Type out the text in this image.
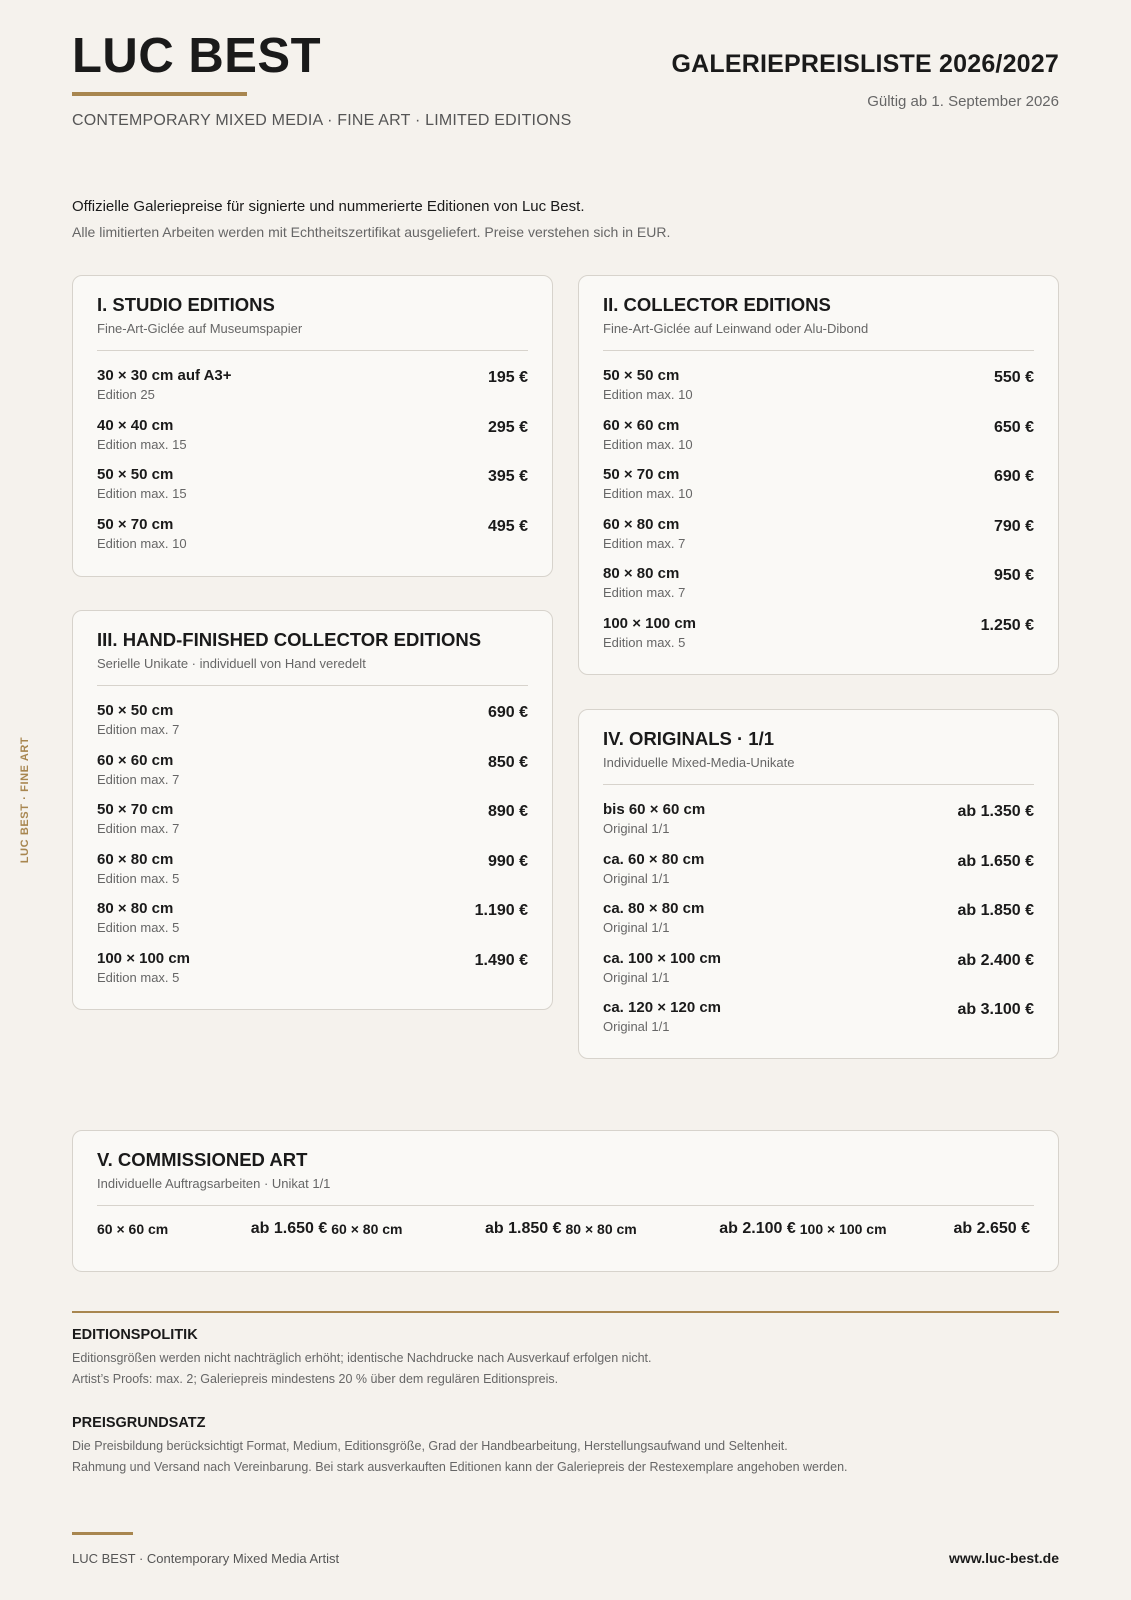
LUC BEST
CONTEMPORARY MIXED MEDIA · FINE ART · LIMITED EDITIONS
GALERIEPREISLISTE 2026/2027
Gültig ab 1. September 2026
LUC BEST · FINE ART
Offizielle Galeriepreise für signierte und nummerierte Editionen von Luc Best.
Alle limitierten Arbeiten werden mit Echtheitszertifikat ausgeliefert. Preise verstehen sich in EUR.
I. STUDIO EDITIONS
Fine-Art-Giclée auf Museumspapier
30 × 30 cm auf A3+
Edition 25
195 €
40 × 40 cm
Edition max. 15
295 €
50 × 50 cm
Edition max. 15
395 €
50 × 70 cm
Edition max. 10
495 €
II. COLLECTOR EDITIONS
Fine-Art-Giclée auf Leinwand oder Alu-Dibond
50 × 50 cm
Edition max. 10
550 €
60 × 60 cm
Edition max. 10
650 €
50 × 70 cm
Edition max. 10
690 €
60 × 80 cm
Edition max. 7
790 €
80 × 80 cm
Edition max. 7
950 €
100 × 100 cm
Edition max. 5
1.250 €
III. HAND-FINISHED COLLECTOR EDITIONS
Serielle Unikate · individuell von Hand veredelt
50 × 50 cm
Edition max. 7
690 €
60 × 60 cm
Edition max. 7
850 €
50 × 70 cm
Edition max. 7
890 €
60 × 80 cm
Edition max. 5
990 €
80 × 80 cm
Edition max. 5
1.190 €
100 × 100 cm
Edition max. 5
1.490 €
IV. ORIGINALS · 1/1
Individuelle Mixed-Media-Unikate
bis 60 × 60 cm
Original 1/1
ab 1.350 €
ca. 60 × 80 cm
Original 1/1
ab 1.650 €
ca. 80 × 80 cm
Original 1/1
ab 1.850 €
ca. 100 × 100 cm
Original 1/1
ab 2.400 €
ca. 120 × 120 cm
Original 1/1
ab 3.100 €
V. COMMISSIONED ART
Individuelle Auftragsarbeiten · Unikat 1/1
60 × 60 cm	ab 1.650 € 60 × 80 cm	ab 1.850 € 80 × 80 cm	ab 2.100 € 100 × 100 cm	ab 2.650 €
EDITIONSPOLITIK

Editionsgrößen werden nicht nachträglich erhöht; identische Nachdrucke nach Ausverkauf erfolgen nicht.

Artist’s Proofs: max. 2; Galeriepreis mindestens 20 % über dem regulären Editionspreis.

PREISGRUNDSATZ

Die Preisbildung berücksichtigt Format, Medium, Editionsgröße, Grad der Handbearbeitung, Herstellungsaufwand und Seltenheit.

Rahmung und Versand nach Vereinbarung. Bei stark ausverkauften Editionen kann der Galeriepreis der Restexemplare angehoben werden.

LUC BEST · Contemporary Mixed Media Artist	www.luc-best.de
